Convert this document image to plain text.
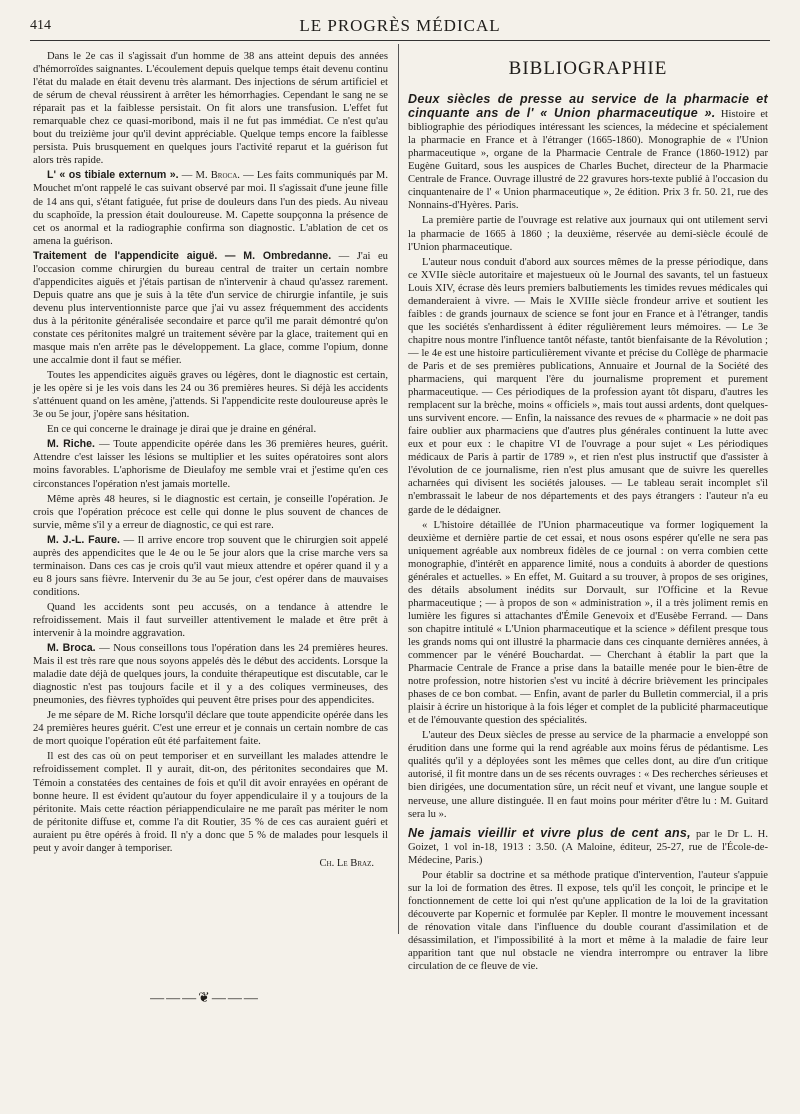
414	LE PROGRÈS MÉDICAL

Dans le 2e cas il s'agissait d'un homme de 38 ans atteint depuis des années d'hémorroïdes saignantes. L'écoulement depuis quelque temps était devenu continu l'état du malade en était devenu très alarmant. Des injections de sérum artificiel et de sérum de cheval réussirent à arrêter les hémorrhagies. Cependant le sang ne se réparait pas et la faiblesse persistait. On fit alors une transfusion. L'effet fut remarquable chez ce quasi-moribond, mais il ne fut pas immédiat. Ce n'est qu'au bout du treizième jour qu'il devint appréciable. Quelque temps encore la faiblesse persista. Puis brusquement en quelques jours l'activité reparut et la guérison fut alors très rapide.

L' « os tibiale externum ». — M. Broca. — Les faits communiqués par M. Mouchet m'ont rappelé le cas suivant observé par moi. Il s'agissait d'une jeune fille de 14 ans qui, s'étant fatiguée, fut prise de douleurs dans l'un des pieds. Au niveau du scaphoïde, la pression était douloureuse. M. Capette soupçonna la présence de cet os anormal et la radiographie confirma son diagnostic. L'ablation de cet os amena la guérison.

Traitement de l'appendicite aiguë. — M. Ombredanne. — J'ai eu l'occasion comme chirurgien du bureau central de traiter un certain nombre d'appendicites aiguës et j'étais partisan de n'intervenir à chaud qu'assez rarement. Depuis quatre ans que je suis à la tête d'un service de chirurgie infantile, je suis devenu plus interventionniste parce que j'ai vu assez fréquemment des accidents dus à la péritonite généralisée secondaire et parce qu'il me parait démontré qu'on constate ces péritonites malgré un traitement sévère par la glace, traitement qui en masque mais n'en arrête pas le développement. La glace, comme l'opium, donne une accalmie dont il faut se méfier.

Toutes les appendicites aiguës graves ou légères, dont le diagnostic est certain, je les opère si je les vois dans les 24 ou 36 premières heures. Si déjà les accidents s'atténuent quand on les amène, j'attends. Si l'appendicite reste douloureuse après le 3e ou 5e jour, j'opère sans hésitation.

En ce qui concerne le drainage je dirai que je draine en général.

M. Riche. — Toute appendicite opérée dans les 36 premières heures, guérit. Attendre c'est laisser les lésions se multiplier et les suites opératoires sont alors moins favorables. L'aphorisme de Dieulafoy me semble vrai et j'estime qu'en ces circonstances l'opération n'est jamais mortelle.

Même après 48 heures, si le diagnostic est certain, je conseille l'opération. Je crois que l'opération précoce est celle qui donne le plus souvent de chances de survie, même s'il y a erreur de diagnostic, ce qui est rare.

M. J.-L. Faure. — Il arrive encore trop souvent que le chirurgien soit appelé auprès des appendicites que le 4e ou le 5e jour alors que la crise marche vers sa terminaison. Dans ces cas je crois qu'il vaut mieux attendre et opérer quand il y a eu 8 jours sans fièvre. Intervenir du 3e au 5e jour, c'est opérer dans de mauvaises conditions.

Quand les accidents sont peu accusés, on a tendance à attendre le refroidissement. Mais il faut surveiller attentivement le malade et être prêt à intervenir à la moindre aggravation.

M. Broca. — Nous conseillons tous l'opération dans les 24 premières heures. Mais il est très rare que nous soyons appelés dès le début des accidents. Lorsque la maladie date déjà de quelques jours, la conduite thérapeutique est discutable, car le diagnostic n'est pas toujours facile et il y a des coliques vermineuses, des pneumonies, des fièvres typhoïdes qui peuvent être prises pour des appendicites.

Je me sépare de M. Riche lorsqu'il déclare que toute appendicite opérée dans les 24 premières heures guérit. C'est une erreur et je connais un certain nombre de cas de mort quoique l'opération eût été parfaitement faite.

Il est des cas où on peut temporiser et en surveillant les malades attendre le refroidissement complet. Il y aurait, dit-on, des péritonites secondaires que M. Témoin a constatées des centaines de fois et qu'il dit avoir enrayées en opérant de bonne heure. Il est évident qu'autour du foyer appendiculaire il y a toujours de la péritonite. Mais cette réaction périappendiculaire ne me paraît pas mériter le nom de péritonite diffuse et, comme l'a dit Routier, 35 % de ces cas auraient guéri et auraient pu être opérés à froid. Il n'y a donc que 5 % de malades pour lesquels il peut y avoir danger à temporiser.

Ch. Le Braz.
———❦———
BIBLIOGRAPHIE

Deux siècles de presse au service de la pharmacie et cinquante ans de l' « Union pharmaceutique ». Histoire et bibliographie des périodiques intéressant les sciences, la médecine et spécialement la pharmacie en France et à l'étranger (1665-1860). Monographie de « l'Union pharmaceutique », organe de la Pharmacie Centrale de France (1860-1912) par Eugène Guitard, sous les auspices de Charles Buchet, directeur de la Pharmacie Centrale de France. Ouvrage illustré de 22 gravures hors-texte publié à l'occasion du cinquantenaire de l' « Union pharmaceutique », 2e édition. Prix 3 fr. 50. 21, rue des Nonnains-d'Hyères. Paris.

La première partie de l'ouvrage est relative aux journaux qui ont utilement servi la pharmacie de 1665 à 1860 ; la deuxième, réservée au demi-siècle écoulé de l'Union pharmaceutique.

L'auteur nous conduit d'abord aux sources mêmes de la presse périodique, dans ce XVIIe siècle autoritaire et majestueux où le Journal des savants, tel un fastueux Louis XIV, écrase dès leurs premiers balbutiements les timides revues médicales qui demanderaient à vivre. — Mais le XVIIIe siècle frondeur arrive et soutient les faibles : de grands journaux de science se font jour en France et à l'étranger, tandis que les sociétés s'enhardissent à éditer régulièrement leurs mémoires. — Le 3e chapitre nous montre l'influence tantôt néfaste, tantôt bienfaisante de la Révolution ; — le 4e est une histoire particulièrement vivante et précise du Collège de pharmacie de Paris et de ses premières publications, Annuaire et Journal de la Société des pharmaciens, qui marquent l'ère du journalisme proprement et purement pharmaceutique. — Ces périodiques de la profession ayant tôt disparu, d'autres les remplacent sur la brèche, moins « officiels », mais tout aussi ardents, dont quelques-uns survivent encore. — Enfin, la naissance des revues de « pharmacie » ne doit pas faire oublier aux pharmaciens que d'autres plus générales continuent la lutte avec eux et pour eux : le chapitre VI de l'ouvrage a pour sujet « Les périodiques médicaux de Paris à partir de 1789 », et rien n'est plus instructif que d'assister à l'évolution de ce journalisme, rien n'est plus amusant que de suivre les querelles acharnées qui divisent les sociétés jalouses. — Le tableau serait incomplet s'il n'embrassait le labeur de nos départements et des pays étrangers : l'auteur n'a eu garde de le dédaigner.

« L'histoire détaillée de l'Union pharmaceutique va former logiquement la deuxième et dernière partie de cet essai, et nous osons espérer qu'elle ne sera pas uniquement agréable aux nombreux fidèles de ce journal : on verra combien cette monographie, d'intérêt en apparence limité, nous a conduits à aborder de questions générales et actuelles. » En effet, M. Guitard a su trouver, à propos de ses origines, des détails absolument inédits sur Dorvault, sur l'Officine et la Revue pharmaceutique ; — à propos de son « administration », il a très joliment remis en lumière les figures si attachantes d'Émile Genevoix et d'Eusèbe Ferrand. — Dans son chapitre intitulé « L'Union pharmaceutique et la science » défilent presque tous les grands noms qui ont illustré la pharmacie dans ces cinquante dernières années, à commencer par le vénéré Bouchardat. — Cherchant à établir la part que la Pharmacie Centrale de France a prise dans la bataille menée pour le bien-être de notre profession, notre historien s'est vu incité à décrire brièvement les principales phases de ce bon combat. — Enfin, avant de parler du Bulletin commercial, il a pris plaisir à écrire un historique à la fois léger et complet de la publicité pharmaceutique et de l'émouvante question des spécialités.

L'auteur des Deux siècles de presse au service de la pharmacie a enveloppé son érudition dans une forme qui la rend agréable aux moins férus de pédantisme. Les qualités qu'il y a déployées sont les mêmes que celles dont, au dire d'un critique autorisé, il fit montre dans un de ses récents ouvrages : « Des recherches sérieuses et bien dirigées, une documentation sûre, un récit neuf et vivant, une langue souple et nerveuse, une allure distinguée. Il en faut moins pour mériter d'être lu : M. Guitard sera lu ».

Ne jamais vieillir et vivre plus de cent ans, par le Dr L. H. Goizet, 1 vol in-18, 1913 : 3.50. (A Maloine, éditeur, 25-27, rue de l'École-de-Médecine, Paris.)

Pour établir sa doctrine et sa méthode pratique d'intervention, l'auteur s'appuie sur la loi de formation des êtres. Il expose, tels qu'il les conçoit, le principe et le fonctionnement de cette loi qui n'est qu'une application de la loi de la gravitation découverte par Kopernic et formulée par Kepler. Il montre le mouvement incessant de rénovation vitale dans l'influence du double courant d'assimilation et de désassimilation, et l'impossibilité à la mort et même à la maladie de faire leur apparition tant que nul obstacle ne viendra interrompre ou entraver la libre circulation de ce fleuve de vie.
